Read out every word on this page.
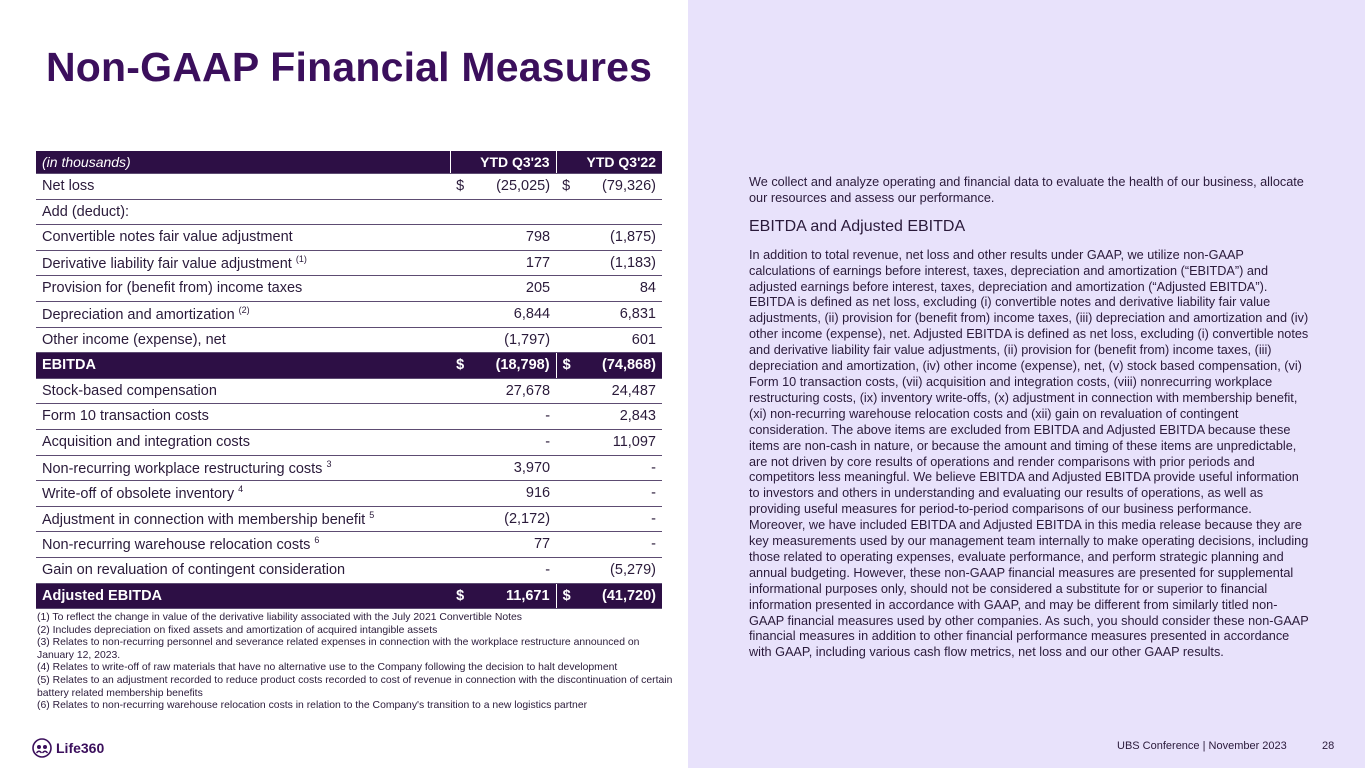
Non-GAAP Financial Measures
(in thousands)	YTD Q3'23		YTD Q3'22	
Net loss	$	(25,025)	$	(79,326)
Add (deduct):				
Convertible notes fair value adjustment		798		(1,875)
Derivative liability fair value adjustment $^{(1)}$		177		(1,183)
Provision for (benefit from) income taxes		205		84
Depreciation and amortization $^{(2)}$		6,844		6,831
Other income (expense), net		(1,797)		601
EBITDA	$	(18,798)	$	(74,868)
Stock-based compensation		27,678		24,487
Form 10 transaction costs		-		2,843
Acquisition and integration costs		-		11,097
Non-recurring workplace restructuring costs $^3$		3,970		-
Write-off of obsolete inventory $^4$		916		-
Adjustment in connection with membership benefit $^5$		(2,172)		-
Non-recurring warehouse relocation costs $^6$		77		-
Gain on revaluation of contingent consideration		-		(5,279)
Adjusted EBITDA	$	11,671	$	(41,720)
(1) To reflect the change in value of the derivative liability associated with the July 2021 Convertible Notes
(2) Includes depreciation on fixed assets and amortization of acquired intangible assets
(3) Relates to non-recurring personnel and severance related expenses in connection with the workplace restructure announced on January 12, 2023.
(4) Relates to write-off of raw materials that have no alternative use to the Company following the decision to halt development
(5) Relates to an adjustment recorded to reduce product costs recorded to cost of revenue in connection with the discontinuation of certain battery related membership benefits
(6) Relates to non-recurring warehouse relocation costs in relation to the Company's transition to a new logistics partner

We collect and analyze operating and financial data to evaluate the health of our business, allocate our resources and assess our performance.

EBITDA and Adjusted EBITDA

In addition to total revenue, net loss and other results under GAAP, we utilize non-GAAP calculations of earnings before interest, taxes, depreciation and amortization (“EBITDA”) and adjusted earnings before interest, taxes, depreciation and amortization (“Adjusted EBITDA”). EBITDA is defined as net loss, excluding (i) convertible notes and derivative liability fair value adjustments, (ii) provision for (benefit from) income taxes, (iii) depreciation and amortization and (iv) other income (expense), net. Adjusted EBITDA is defined as net loss, excluding (i) convertible notes and derivative liability fair value adjustments, (ii) provision for (benefit from) income taxes, (iii) depreciation and amortization, (iv) other income (expense), net, (v) stock based compensation, (vi) Form 10 transaction costs, (vii) acquisition and integration costs, (viii) nonrecurring workplace restructuring costs, (ix) inventory write-offs, (x) adjustment in connection with membership benefit, (xi) non-recurring warehouse relocation costs and (xii) gain on revaluation of contingent consideration. The above items are excluded from EBITDA and Adjusted EBITDA because these items are non-cash in nature, or because the amount and timing of these items are unpredictable, are not driven by core results of operations and render comparisons with prior periods and competitors less meaningful. We believe EBITDA and Adjusted EBITDA provide useful information to investors and others in understanding and evaluating our results of operations, as well as providing useful measures for period-to-period comparisons of our business performance. Moreover, we have included EBITDA and Adjusted EBITDA in this media release because they are key measurements used by our management team internally to make operating decisions, including those related to operating expenses, evaluate performance, and perform strategic planning and annual budgeting. However, these non-GAAP financial measures are presented for supplemental informational purposes only, should not be considered a substitute for or superior to financial information presented in accordance with GAAP, and may be different from similarly titled non-GAAP financial measures used by other companies. As such, you should consider these non-GAAP financial measures in addition to other financial performance measures presented in accordance with GAAP, including various cash flow metrics, net loss and our other GAAP results.

Life360	UBS Conference | November 2023	28
